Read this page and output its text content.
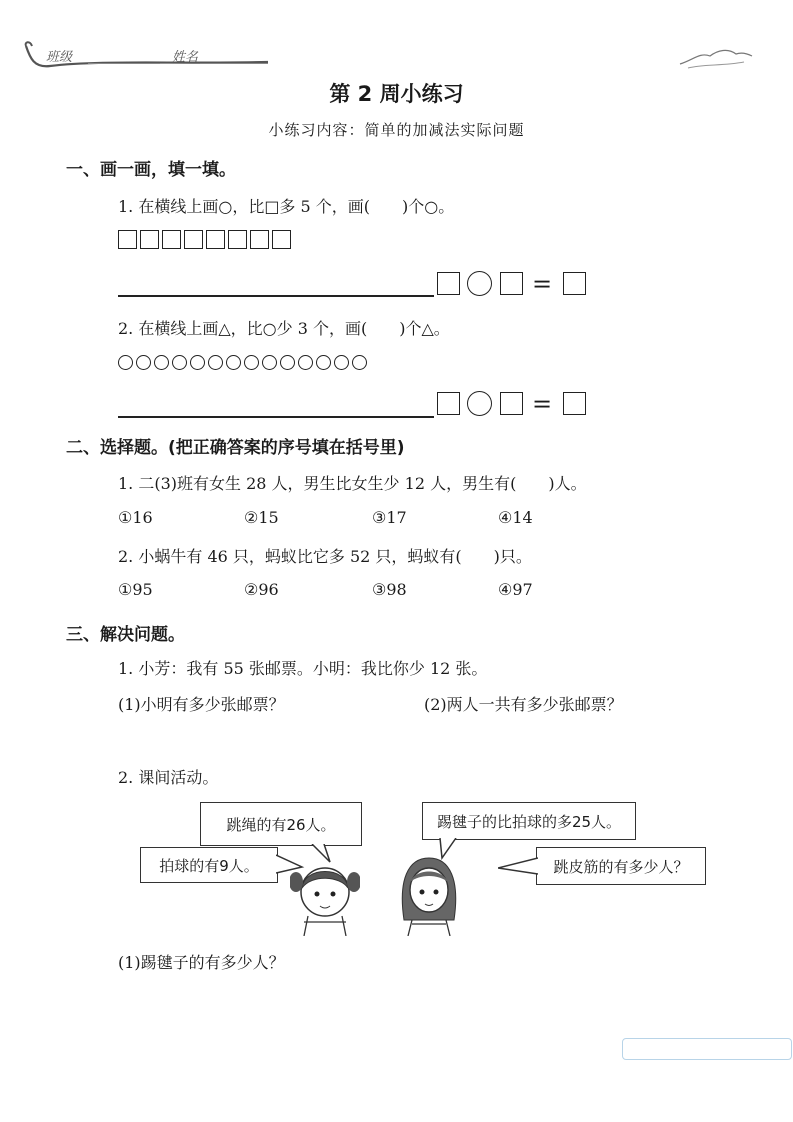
班级	姓名
第 2 周小练习
小练习内容：简单的加减法实际问题
一、画一画，填一填。
1. 在横线上画○，比□多 5 个，画(　　)个○。
=
2. 在横线上画△，比○少 3 个，画(　　)个△。
=
二、选择题。(把正确答案的序号填在括号里)
1. 二(3)班有女生 28 人，男生比女生少 12 人，男生有(　　)人。
①16	②15	③17	④14
2. 小蜗牛有 46 只，蚂蚁比它多 52 只，蚂蚁有(　　)只。
①95	②96	③98	④97
三、解决问题。
1. 小芳：我有 55 张邮票。小明：我比你少 12 张。
(1)小明有多少张邮票？	(2)两人一共有多少张邮票？
2. 课间活动。
跳绳的有26人。
拍球的有9人。
踢毽子的比拍球的多25人。
跳皮筋的有多少人？
(1)踢毽子的有多少人？
